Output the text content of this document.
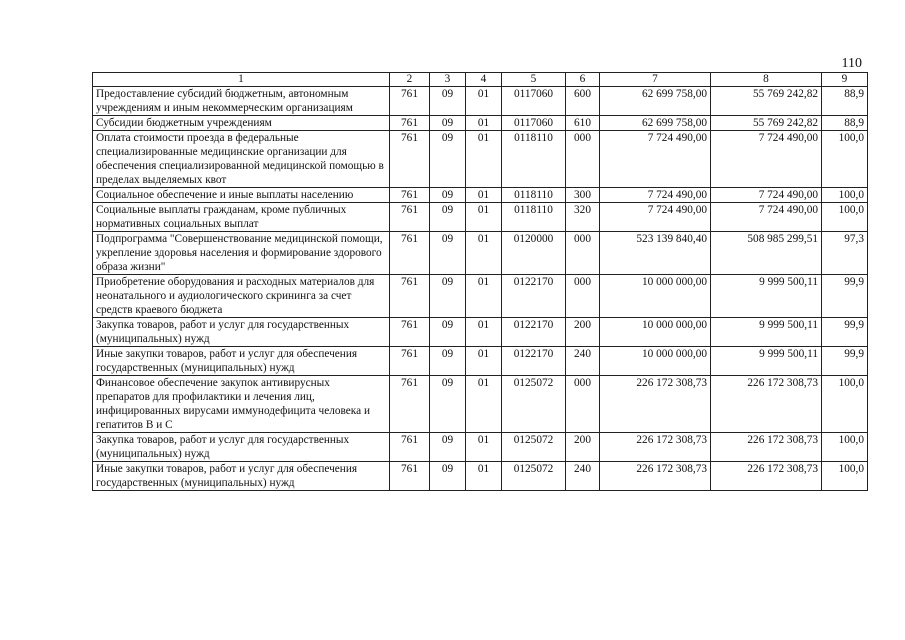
110
1	2	3	4	5	6	7	8	9
Предоставление субсидий бюджетным, автономным учреждениям и иным некоммерческим организациям	761	09	01	0117060	600	62 699 758,00	55 769 242,82	88,9
Субсидии бюджетным учреждениям	761	09	01	0117060	610	62 699 758,00	55 769 242,82	88,9
Оплата стоимости проезда в федеральные специализированные медицинские организации для обеспечения специализированной медицинской помощью в пределах выделяемых квот	761	09	01	0118110	000	7 724 490,00	7 724 490,00	100,0
Социальное обеспечение и иные выплаты населению	761	09	01	0118110	300	7 724 490,00	7 724 490,00	100,0
Социальные выплаты гражданам, кроме публичных нормативных социальных выплат	761	09	01	0118110	320	7 724 490,00	7 724 490,00	100,0
Подпрограмма "Совершенствование медицинской помощи, укрепление здоровья населения и формирование здорового образа жизни"	761	09	01	0120000	000	523 139 840,40	508 985 299,51	97,3
Приобретение оборудования и расходных материалов для неонатального и аудиологического скрининга за счет средств краевого бюджета	761	09	01	0122170	000	10 000 000,00	9 999 500,11	99,9
Закупка товаров, работ и услуг для государственных (муниципальных) нужд	761	09	01	0122170	200	10 000 000,00	9 999 500,11	99,9
Иные закупки товаров, работ и услуг для обеспечения государственных (муниципальных) нужд	761	09	01	0122170	240	10 000 000,00	9 999 500,11	99,9
Финансовое обеспечение закупок антивирусных препаратов для профилактики и лечения лиц, инфицированных вирусами иммунодефицита человека и гепатитов B и C	761	09	01	0125072	000	226 172 308,73	226 172 308,73	100,0
Закупка товаров, работ и услуг для государственных (муниципальных) нужд	761	09	01	0125072	200	226 172 308,73	226 172 308,73	100,0
Иные закупки товаров, работ и услуг для обеспечения государственных (муниципальных) нужд	761	09	01	0125072	240	226 172 308,73	226 172 308,73	100,0
